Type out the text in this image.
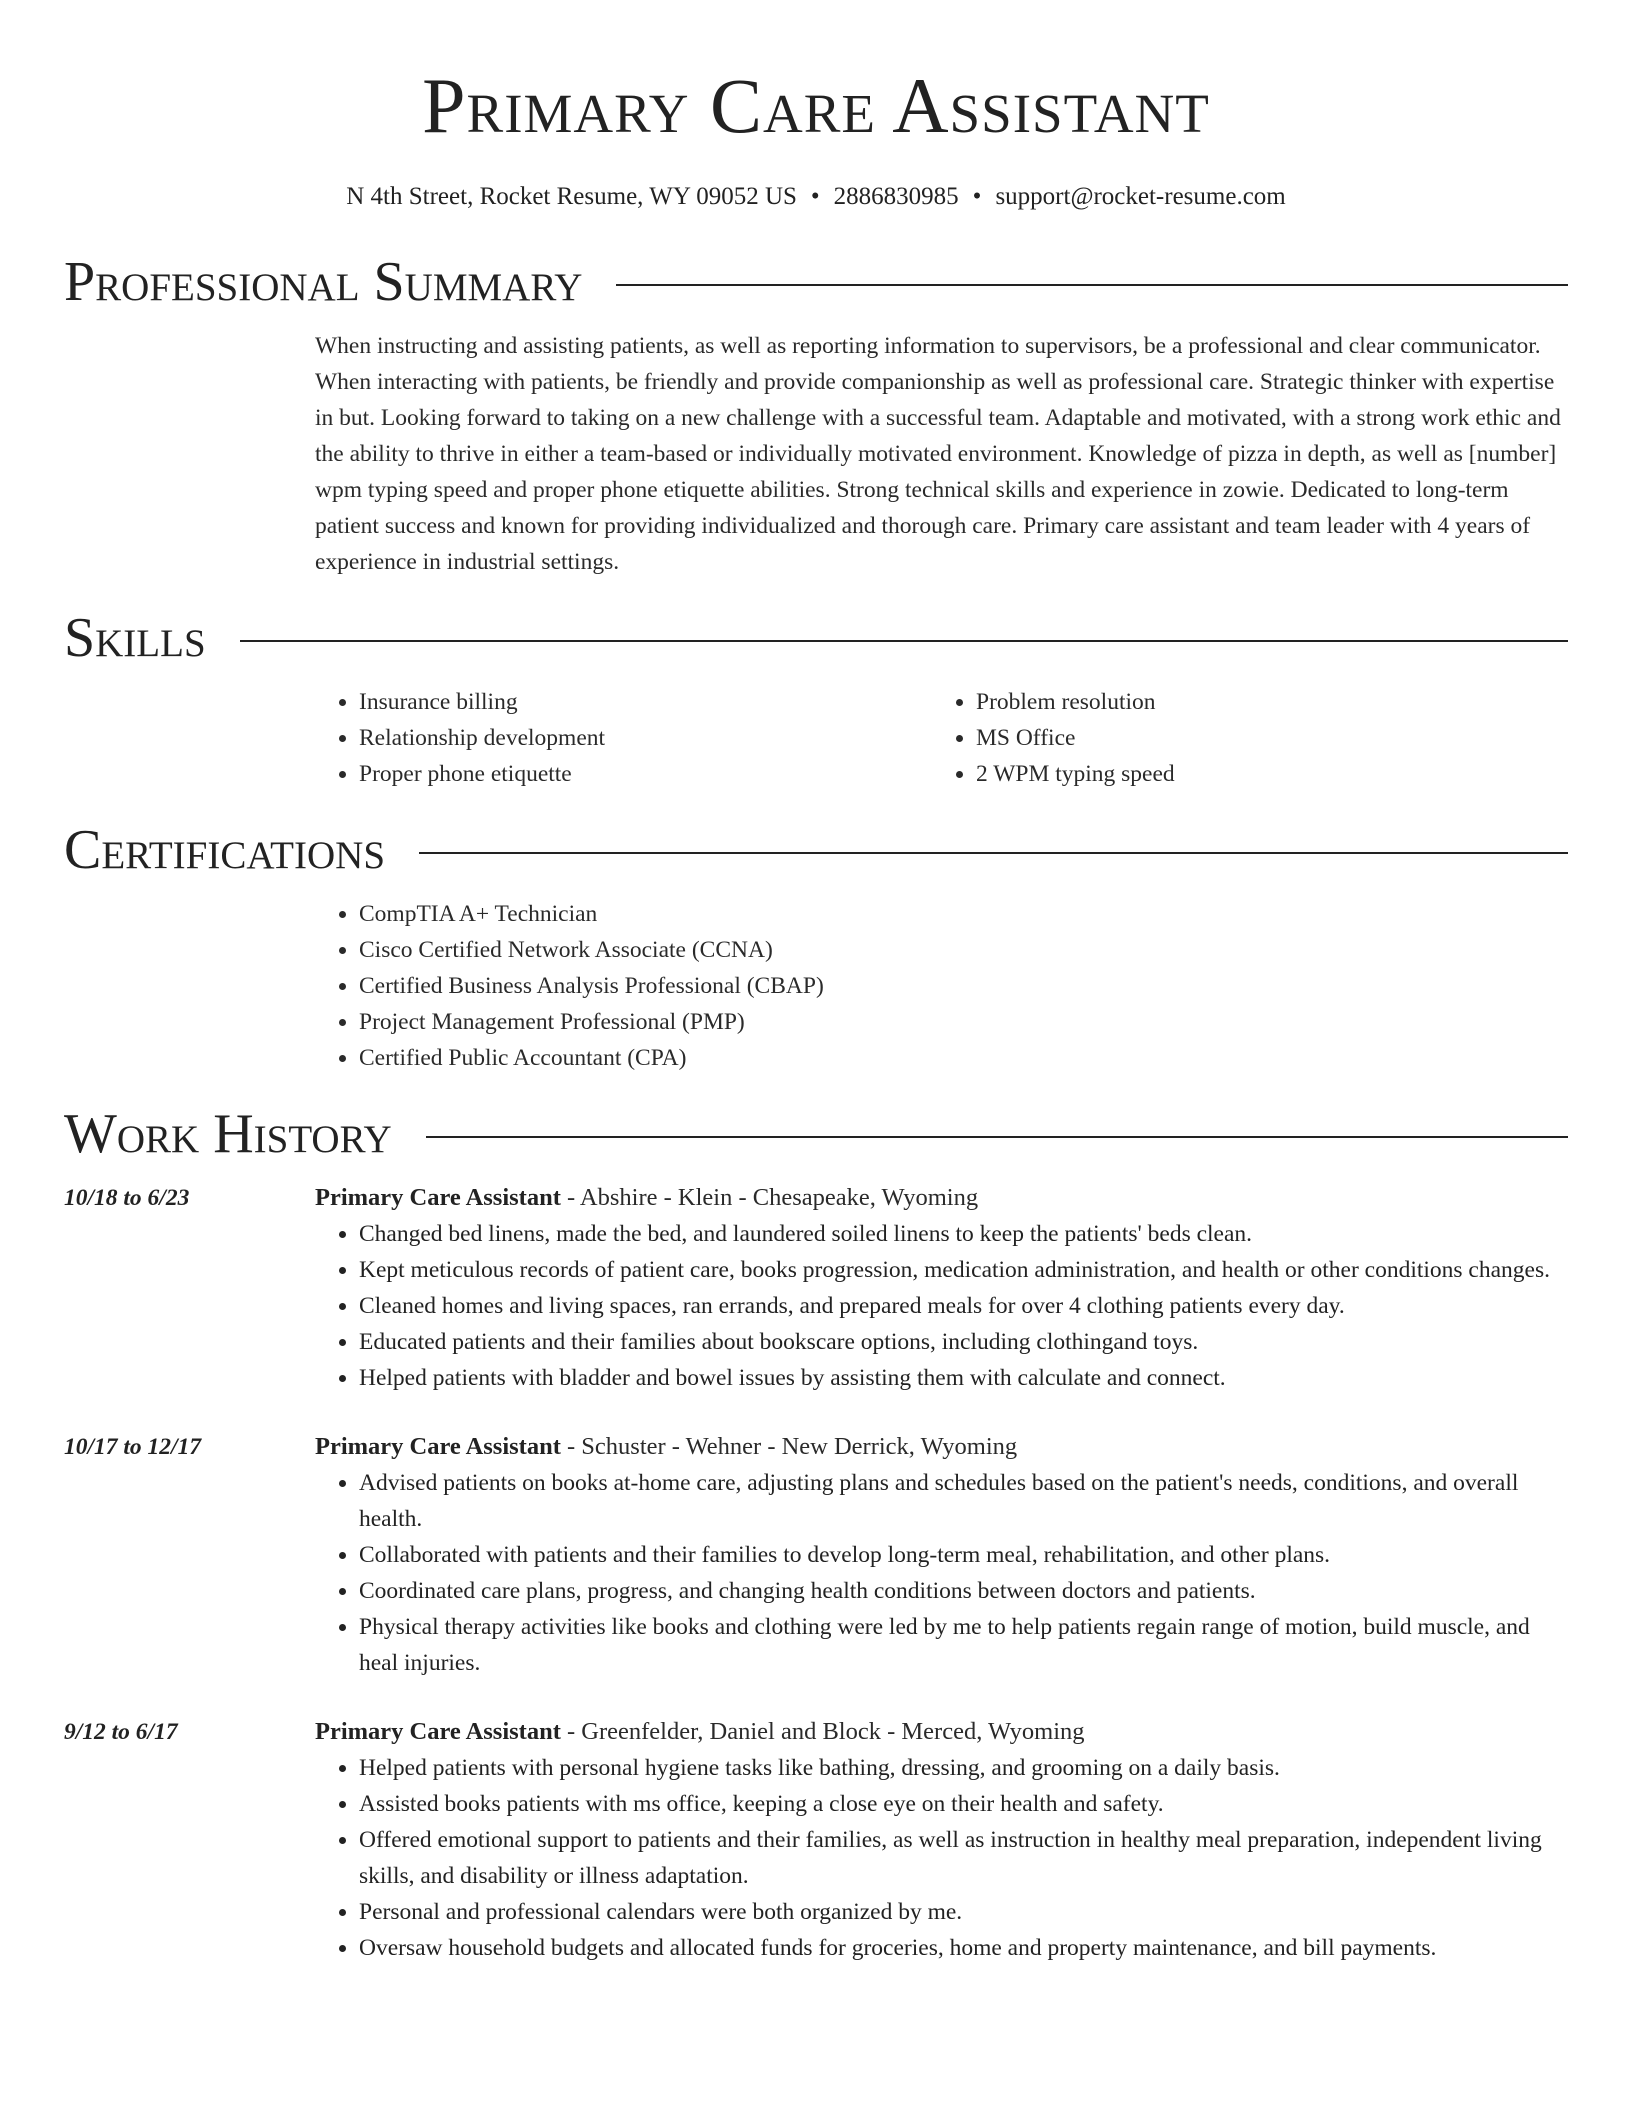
Primary Care Assistant
N 4th Street, Rocket Resume, WY 09052 US • 2886830985 • support@rocket-resume.com
Professional Summary

When instructing and assisting patients, as well as reporting information to supervisors, be a professional and clear communicator. When interacting with patients, be friendly and provide companionship as well as professional care. Strategic thinker with expertise in but. Looking forward to taking on a new challenge with a successful team. Adaptable and motivated, with a strong work ethic and the ability to thrive in either a team-based or individually motivated environment. Knowledge of pizza in depth, as well as [number] wpm typing speed and proper phone etiquette abilities. Strong technical skills and experience in zowie. Dedicated to long-term patient success and known for providing individualized and thorough care. Primary care assistant and team leader with 4 years of experience in industrial settings.

Skills
• Insurance billing
• Relationship development
• Proper phone etiquette
• Problem resolution
• MS Office
• 2 WPM typing speed
Certifications
• CompTIA A+ Technician
• Cisco Certified Network Associate (CCNA)
• Certified Business Analysis Professional (CBAP)
• Project Management Professional (PMP)
• Certified Public Accountant (CPA)
Work History
10/18 to 6/23	Primary Care Assistant - Abshire - Klein - Chesapeake, Wyoming
• Changed bed linens, made the bed, and laundered soiled linens to keep the patients' beds clean.
• Kept meticulous records of patient care, books progression, medication administration, and health or other conditions changes.
• Cleaned homes and living spaces, ran errands, and prepared meals for over 4 clothing patients every day.
• Educated patients and their families about bookscare options, including clothingand toys.
• Helped patients with bladder and bowel issues by assisting them with calculate and connect.
10/17 to 12/17	Primary Care Assistant - Schuster - Wehner - New Derrick, Wyoming
• Advised patients on books at-home care, adjusting plans and schedules based on the patient's needs, conditions, and overall health.
• Collaborated with patients and their families to develop long-term meal, rehabilitation, and other plans.
• Coordinated care plans, progress, and changing health conditions between doctors and patients.
• Physical therapy activities like books and clothing were led by me to help patients regain range of motion, build muscle, and heal injuries.
9/12 to 6/17	Primary Care Assistant - Greenfelder, Daniel and Block - Merced, Wyoming
• Helped patients with personal hygiene tasks like bathing, dressing, and grooming on a daily basis.
• Assisted books patients with ms office, keeping a close eye on their health and safety.
• Offered emotional support to patients and their families, as well as instruction in healthy meal preparation, independent living skills, and disability or illness adaptation.
• Personal and professional calendars were both organized by me.
• Oversaw household budgets and allocated funds for groceries, home and property maintenance, and bill payments.
